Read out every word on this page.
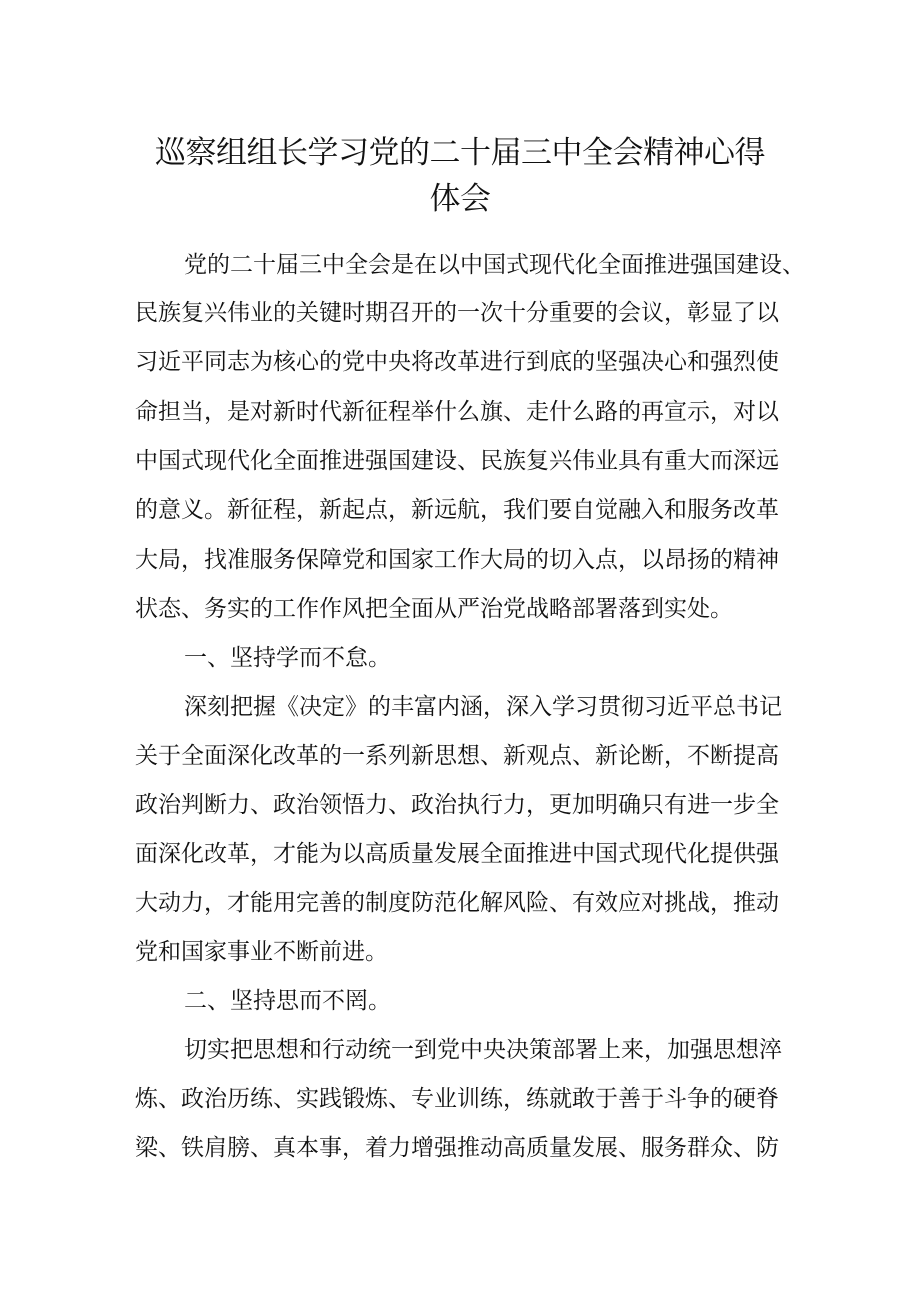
巡察组组长学习党的二十届三中全会精神心得
体会
党的二十届三中全会是在以中国式现代化全面推进强国建设、
民族复兴伟业的关键时期召开的一次十分重要的会议，彰显了以
习近平同志为核心的党中央将改革进行到底的坚强决心和强烈使
命担当，是对新时代新征程举什么旗、走什么路的再宣示，对以
中国式现代化全面推进强国建设、民族复兴伟业具有重大而深远
的意义。新征程，新起点，新远航，我们要自觉融入和服务改革
大局，找准服务保障党和国家工作大局的切入点，以昂扬的精神
状态、务实的工作作风把全面从严治党战略部署落到实处。
一、坚持学而不怠。
深刻把握《决定》的丰富内涵，深入学习贯彻习近平总书记
关于全面深化改革的一系列新思想、新观点、新论断，不断提高
政治判断力、政治领悟力、政治执行力，更加明确只有进一步全
面深化改革，才能为以高质量发展全面推进中国式现代化提供强
大动力，才能用完善的制度防范化解风险、有效应对挑战，推动
党和国家事业不断前进。
二、坚持思而不罔。
切实把思想和行动统一到党中央决策部署上来，加强思想淬
炼、政治历练、实践锻炼、专业训练，练就敢于善于斗争的硬脊
梁、铁肩膀、真本事，着力增强推动高质量发展、服务群众、防
